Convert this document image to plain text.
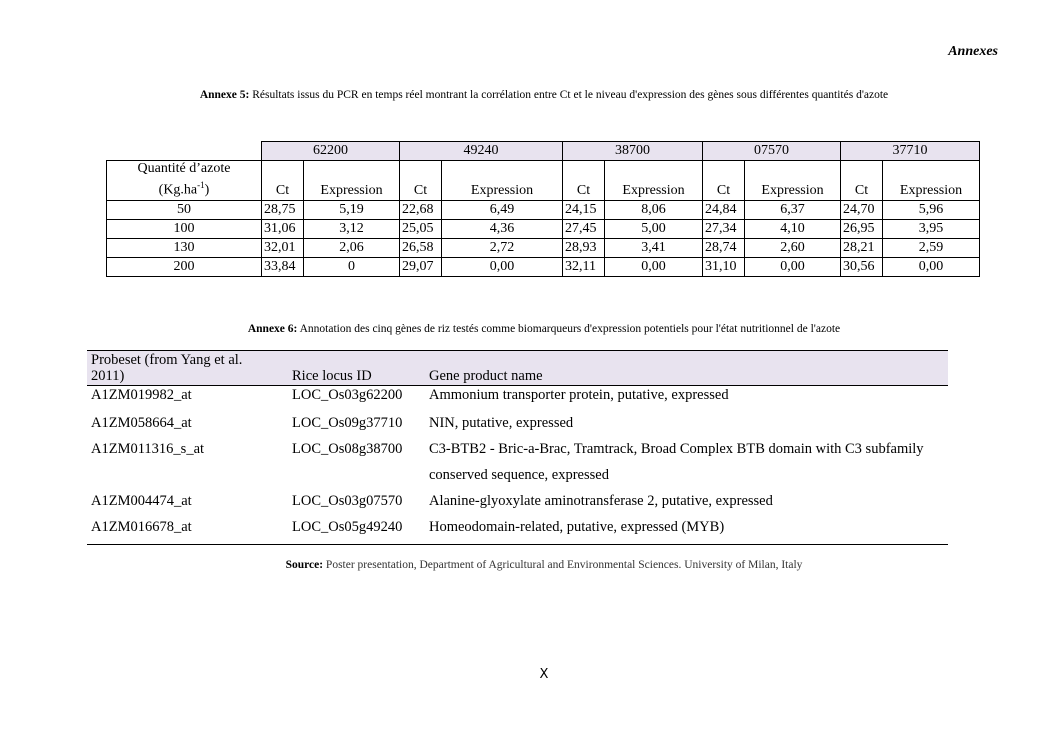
Annexes
Annexe 5: Résultats issus du PCR en temps réel montrant la corrélation entre Ct et le niveau d'expression des gènes sous différentes quantités d'azote
	62200		49240		38700		07570		37710	
Quantité d’azote
$(Kg.ha^{-1})$	Ct	Expression	Ct	Expression	Ct	Expression	Ct	Expression	Ct	Expression
50	28,75	5,19	22,68	6,49	24,15	8,06	24,84	6,37	24,70	5,96
100	31,06	3,12	25,05	4,36	27,45	5,00	27,34	4,10	26,95	3,95
130	32,01	2,06	26,58	2,72	28,93	3,41	28,74	2,60	28,21	2,59
200	33,84	0	29,07	0,00	32,11	0,00	31,10	0,00	30,56	0,00
Annexe 6: Annotation des cinq gènes de riz testés comme biomarqueurs d'expression potentiels pour l'état nutritionnel de l'azote
Probeset (from Yang et al. 2011)	Rice locus ID	Gene product name
A1ZM019982_at	LOC_Os03g62200	Ammonium transporter protein, putative, expressed
A1ZM058664_at	LOC_Os09g37710	NIN, putative, expressed
A1ZM011316_s_at	LOC_Os08g38700	C3-BTB2 - Bric-a-Brac, Tramtrack, Broad Complex BTB domain with C3 subfamily conserved sequence, expressed
A1ZM004474_at	LOC_Os03g07570	Alanine-glyoxylate aminotransferase 2, putative, expressed
A1ZM016678_at	LOC_Os05g49240	Homeodomain-related, putative, expressed (MYB)
Source: Poster presentation, Department of Agricultural and Environmental Sciences. University of Milan, Italy
X
